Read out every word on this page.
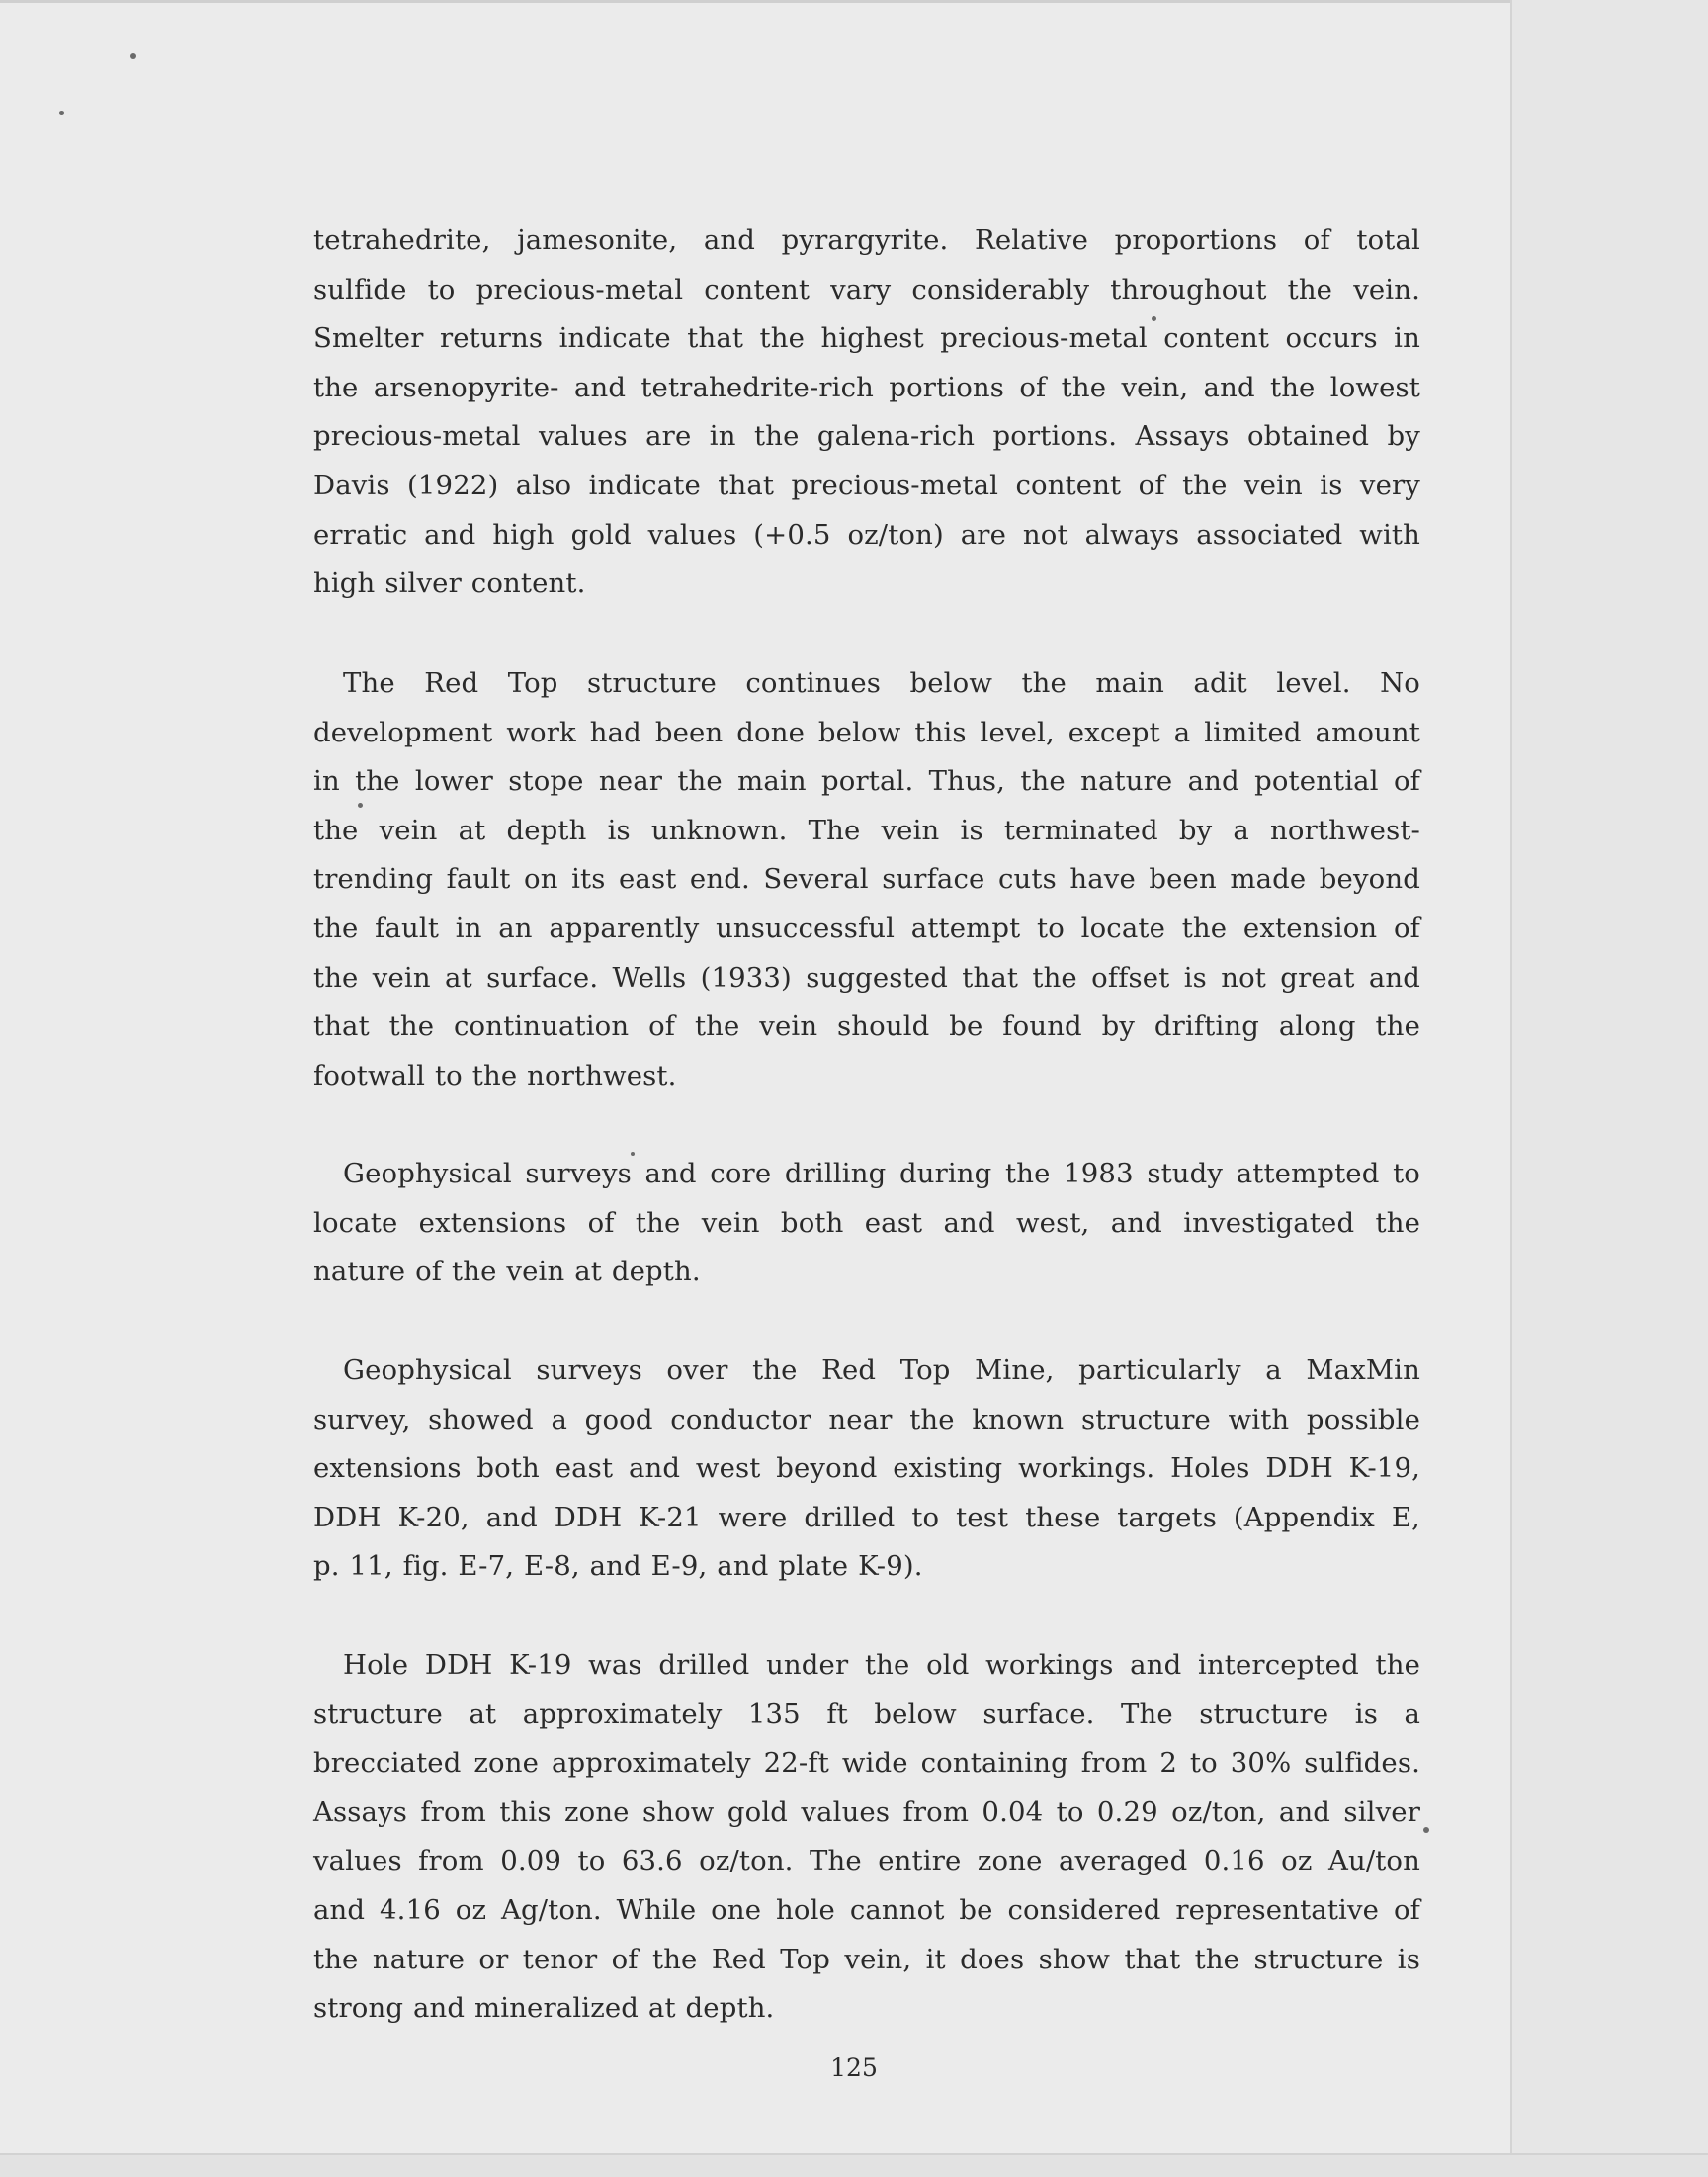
tetrahedrite, jamesonite, and pyrargyrite. Relative proportions of total
sulfide to precious-metal content vary considerably throughout the vein.
Smelter returns indicate that the highest precious-metal content occurs in
the arsenopyrite- and tetrahedrite-rich portions of the vein, and the lowest
precious-metal values are in the galena-rich portions. Assays obtained by
Davis (1922) also indicate that precious-metal content of the vein is very
erratic and high gold values (+0.5 oz/ton) are not always associated with
high silver content.
The Red Top structure continues below the main adit level. No
development work had been done below this level, except a limited amount
in the lower stope near the main portal. Thus, the nature and potential of
the vein at depth is unknown. The vein is terminated by a northwest-
trending fault on its east end. Several surface cuts have been made beyond
the fault in an apparently unsuccessful attempt to locate the extension of
the vein at surface. Wells (1933) suggested that the offset is not great and
that the continuation of the vein should be found by drifting along the
footwall to the northwest.
Geophysical surveys and core drilling during the 1983 study attempted to
locate extensions of the vein both east and west, and investigated the
nature of the vein at depth.
Geophysical surveys over the Red Top Mine, particularly a MaxMin
survey, showed a good conductor near the known structure with possible
extensions both east and west beyond existing workings. Holes DDH K-19,
DDH K-20, and DDH K-21 were drilled to test these targets (Appendix E,
p. 11, fig. E-7, E-8, and E-9, and plate K-9).
Hole DDH K-19 was drilled under the old workings and intercepted the
structure at approximately 135 ft below surface. The structure is a
brecciated zone approximately 22-ft wide containing from 2 to 30% sulfides.
Assays from this zone show gold values from 0.04 to 0.29 oz/ton, and silver
values from 0.09 to 63.6 oz/ton. The entire zone averaged 0.16 oz Au/ton
and 4.16 oz Ag/ton. While one hole cannot be considered representative of
the nature or tenor of the Red Top vein, it does show that the structure is
strong and mineralized at depth.
125
